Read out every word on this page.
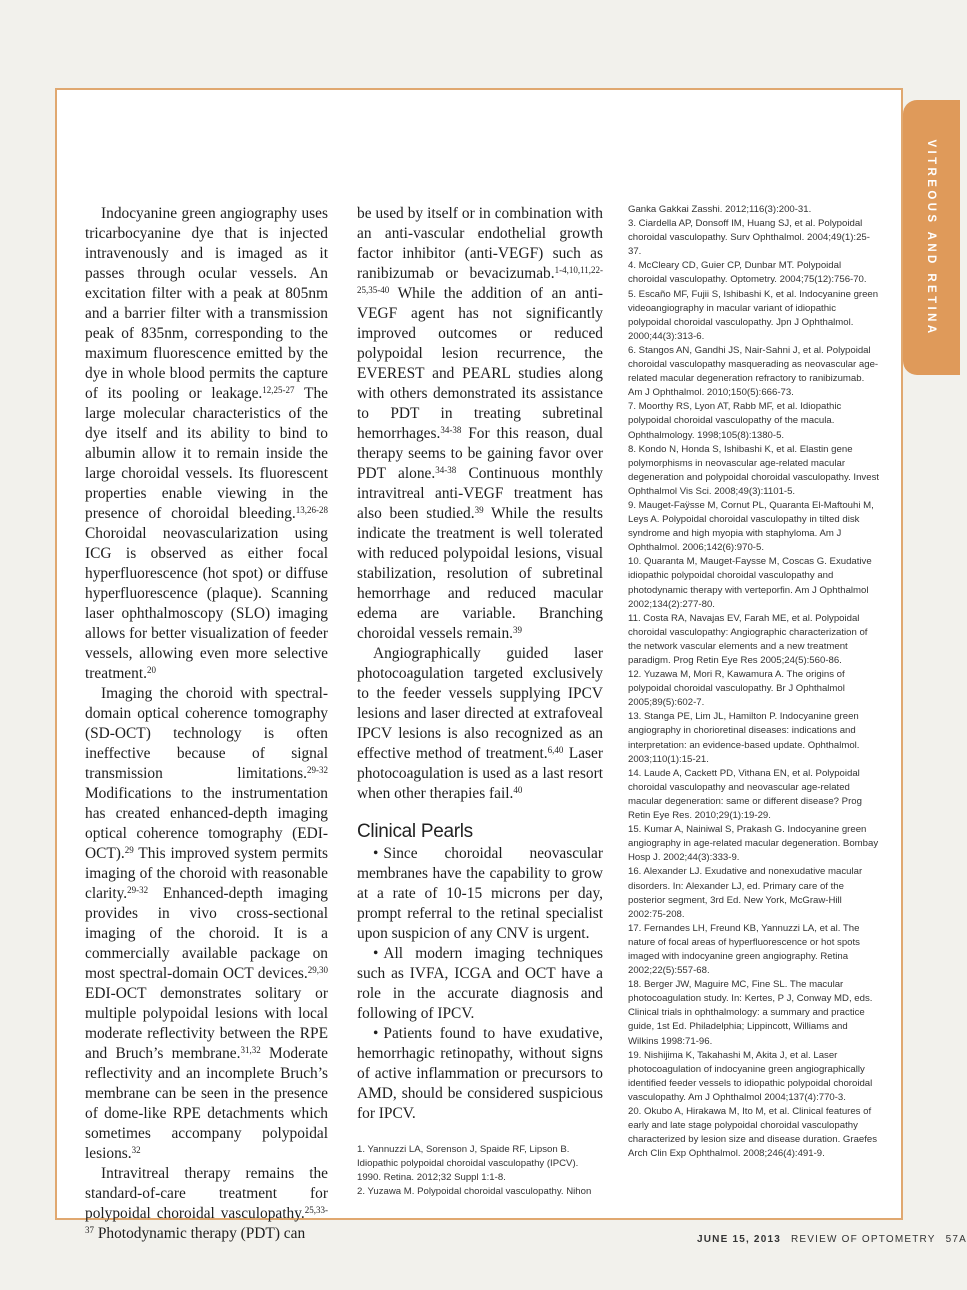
VITREOUS AND RETINA

Indocyanine green angiography uses tricarbocyanine dye that is injected intravenously and is imaged as it passes through ocular vessels. An excitation filter with a peak at 805nm and a barrier filter with a transmission peak of 835nm, corresponding to the maximum fluorescence emitted by the dye in whole blood permits the capture of its pooling or leakage.$^{12,25-27}$ The large molecular characteristics of the dye itself and its ability to bind to albumin allow it to remain inside the large choroidal vessels. Its fluorescent properties enable viewing in the presence of choroidal bleeding.$^{13,26-28}$ Choroidal neovascularization using ICG is observed as either focal hyperfluorescence (hot spot) or diffuse hyperfluorescence (plaque). Scanning laser ophthalmoscopy (SLO) imaging allows for better visualization of feeder vessels, allowing even more selective treatment.$^{20}$

Imaging the choroid with spectral-domain optical coherence tomography (SD-OCT) technology is often ineffective because of signal transmission limitations.$^{29-32}$ Modifications to the instrumentation has created enhanced-depth imaging optical coherence tomography (EDI-OCT).$^{29}$ This improved system permits imaging of the choroid with reasonable clarity.$^{29-32}$ Enhanced-depth imaging provides in vivo cross-sectional imaging of the choroid. It is a commercially available package on most spectral-domain OCT devices.$^{29,30}$ EDI-OCT demonstrates solitary or multiple polypoidal lesions with local moderate reflectivity between the RPE and Bruch’s membrane.$^{31,32}$ Moderate reflectivity and an incomplete Bruch’s membrane can be seen in the presence of dome-like RPE detachments which sometimes accompany polypoidal lesions.$^{32}$

Intravitreal therapy remains the standard-of-care treatment for polypoidal choroidal vasculopathy.$^{25,33-37}$ Photodynamic therapy (PDT) can

be used by itself or in combination with an anti-vascular endothelial growth factor inhibitor (anti-VEGF) such as ranibizumab or bevacizumab.$^{1-4,10,11,22-25,35-40}$ While the addition of an anti-VEGF agent has not significantly improved outcomes or reduced polypoidal lesion recurrence, the EVEREST and PEARL studies along with others demonstrated its assistance to PDT in treating subretinal hemorrhages.$^{34-38}$ For this reason, dual therapy seems to be gaining favor over PDT alone.$^{34-38}$ Continuous monthly intravitreal anti-VEGF treatment has also been studied.$^{39}$ While the results indicate the treatment is well tolerated with reduced polypoidal lesions, visual stabilization, resolution of subretinal hemorrhage and reduced macular edema are variable. Branching choroidal vessels remain.$^{39}$

Angiographically guided laser photocoagulation targeted exclusively to the feeder vessels supplying IPCV lesions and laser directed at extrafoveal IPCV lesions is also recognized as an effective method of treatment.$^{6,40}$ Laser photocoagulation is used as a last resort when other therapies fail.$^{40}$

Clinical Pearls

• Since choroidal neovascular membranes have the capability to grow at a rate of 10-15 microns per day, prompt referral to the retinal specialist upon suspicion of any CNV is urgent.

• All modern imaging techniques such as IVFA, ICGA and OCT have a role in the accurate diagnosis and following of IPCV.

• Patients found to have exudative, hemorrhagic retinopathy, without signs of active inflammation or precursors to AMD, should be considered suspicious for IPCV.

1. Yannuzzi LA, Sorenson J, Spaide RF, Lipson B. Idiopathic polypoidal choroidal vasculopathy (IPCV). 1990. Retina. 2012;32 Suppl 1:1-8.
2. Yuzawa M. Polypoidal choroidal vasculopathy. Nihon
Ganka Gakkai Zasshi. 2012;116(3):200-31.
3. Ciardella AP, Donsoff IM, Huang SJ, et al. Polypoidal choroidal vasculopathy. Surv Ophthalmol. 2004;49(1):25-37.
4. McCleary CD, Guier CP, Dunbar MT. Polypoidal choroidal vasculopathy. Optometry. 2004;75(12):756-70.
5. Escaño MF, Fujii S, Ishibashi K, et al. Indocyanine green videoangiography in macular variant of idiopathic polypoidal choroidal vasculopathy. Jpn J Ophthalmol. 2000;44(3):313-6.
6. Stangos AN, Gandhi JS, Nair-Sahni J, et al. Polypoidal choroidal vasculopathy masquerading as neovascular age-related macular degeneration refractory to ranibizumab. Am J Ophthalmol. 2010;150(5):666-73.
7. Moorthy RS, Lyon AT, Rabb MF, et al. Idiopathic polypoidal choroidal vasculopathy of the macula. Ophthalmology. 1998;105(8):1380-5.
8. Kondo N, Honda S, Ishibashi K, et al. Elastin gene polymorphisms in neovascular age-related macular degeneration and polypoidal choroidal vasculopathy. Invest Ophthalmol Vis Sci. 2008;49(3):1101-5.
9. Mauget-Faÿsse M, Cornut PL, Quaranta El-Maftouhi M, Leys A. Polypoidal choroidal vasculopathy in tilted disk syndrome and high myopia with staphyloma. Am J Ophthalmol. 2006;142(6):970-5.
10. Quaranta M, Mauget-Faysse M, Coscas G. Exudative idiopathic polypoidal choroidal vasculopathy and photodynamic therapy with verteporfin. Am J Ophthalmol 2002;134(2):277-80.
11. Costa RA, Navajas EV, Farah ME, et al. Polypoidal choroidal vasculopathy: Angiographic characterization of the network vascular elements and a new treatment paradigm. Prog Retin Eye Res 2005;24(5):560-86.
12. Yuzawa M, Mori R, Kawamura A. The origins of polypoidal choroidal vasculopathy. Br J Ophthalmol 2005;89(5):602-7.
13. Stanga PE, Lim JL, Hamilton P. Indocyanine green angiography in chorioretinal diseases: indications and interpretation: an evidence-based update. Ophthalmol. 2003;110(1):15-21.
14. Laude A, Cackett PD, Vithana EN, et al. Polypoidal choroidal vasculopathy and neovascular age-related macular degeneration: same or different disease? Prog Retin Eye Res. 2010;29(1):19-29.
15. Kumar A, Nainiwal S, Prakash G. Indocyanine green angiography in age-related macular degeneration. Bombay Hosp J. 2002;44(3):333-9.
16. Alexander LJ. Exudative and nonexudative macular disorders. In: Alexander LJ, ed. Primary care of the posterior segment, 3rd Ed. New York, McGraw-Hill 2002:75-208.
17. Fernandes LH, Freund KB, Yannuzzi LA, et al. The nature of focal areas of hyperfluorescence or hot spots imaged with indocyanine green angiography. Retina 2002;22(5):557-68.
18. Berger JW, Maguire MC, Fine SL. The macular photocoagulation study. In: Kertes, P J, Conway MD, eds. Clinical trials in ophthalmology: a summary and practice guide, 1st Ed. Philadelphia; Lippincott, Williams and Wilkins 1998:71-96.
19. Nishijima K, Takahashi M, Akita J, et al. Laser photocoagulation of indocyanine green angiographically identified feeder vessels to idiopathic polypoidal choroidal vasculopathy. Am J Ophthalmol 2004;137(4):770-3.
20. Okubo A, Hirakawa M, Ito M, et al. Clinical features of early and late stage polypoidal choroidal vasculopathy characterized by lesion size and disease duration. Graefes Arch Clin Exp Ophthalmol. 2008;246(4):491-9.
JUNE 15, 2013 REVIEW OF OPTOMETRY 57A
